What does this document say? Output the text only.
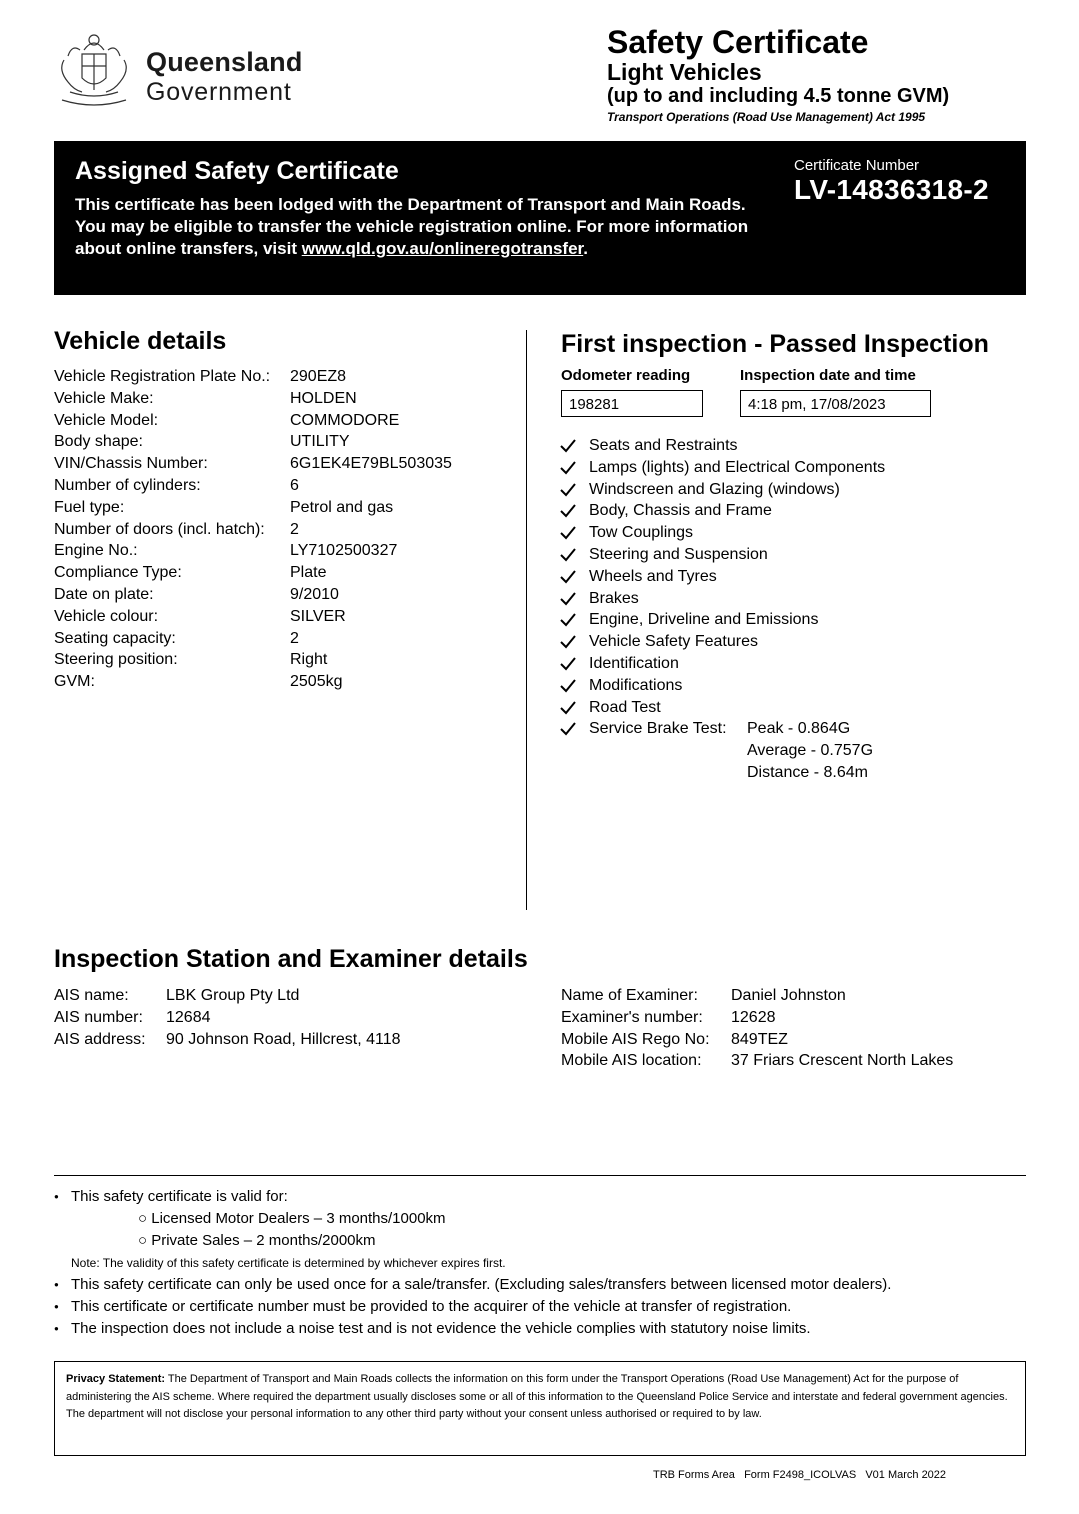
Queensland
Government
Safety Certificate
Light Vehicles
(up to and including 4.5 tonne GVM)
Transport Operations (Road Use Management) Act 1995
Assigned Safety Certificate
This certificate has been lodged with the Department of Transport and Main Roads. You may be eligible to transfer the vehicle registration online. For more information about online transfers, visit www.qld.gov.au/onlineregotransfer.
Certificate Number
LV-14836318-2
Vehicle details
Vehicle Registration Plate No.: 290EZ8
Vehicle Make:	HOLDEN
Vehicle Model:	COMMODORE
Body shape:	UTILITY
VIN/Chassis Number:	6G1EK4E79BL503035
Number of cylinders:	6
Fuel type:	Petrol and gas
Number of doors (incl. hatch): 2
Engine No.:	LY7102500327
Compliance Type:	Plate
Date on plate:	9/2010
Vehicle colour:	SILVER
Seating capacity:	2
Steering position:	Right
GVM:	2505kg
First inspection - Passed Inspection
Odometer reading	Inspection date and time
198281	4:18 pm, 17/08/2023
Seats and Restraints
Lamps (lights) and Electrical Components
Windscreen and Glazing (windows)
Body, Chassis and Frame
Tow Couplings
Steering and Suspension
Wheels and Tyres
Brakes
Engine, Driveline and Emissions
Vehicle Safety Features
Identification
Modifications
Road Test
Service Brake Test: Peak - 0.864G
Average - 0.757G
Distance - 8.64m
Inspection Station and Examiner details
AIS name: LBK Group Pty Ltd
AIS number: 12684
AIS address: 90 Johnson Road, Hillcrest, 4118
Name of Examiner: Daniel Johnston
Examiner's number: 12628
Mobile AIS Rego No: 849TEZ
Mobile AIS location: 37 Friars Crescent North Lakes
● This safety certificate is valid for:
○ Licensed Motor Dealers – 3 months/1000km
○ Private Sales – 2 months/2000km
Note: The validity of this safety certificate is determined by whichever expires first.
● This safety certificate can only be used once for a sale/transfer. (Excluding sales/transfers between licensed motor dealers).
● This certificate or certificate number must be provided to the acquirer of the vehicle at transfer of registration.
● The inspection does not include a noise test and is not evidence the vehicle complies with statutory noise limits.
Privacy Statement: The Department of Transport and Main Roads collects the information on this form under the Transport Operations (Road Use Management) Act for the purpose of administering the AIS scheme. Where required the department usually discloses some or all of this information to the Queensland Police Service and interstate and federal government agencies. The department will not disclose your personal information to any other third party without your consent unless authorised or required to by law.
TRB Forms Area   Form F2498_ICOLVAS   V01 March 2022
